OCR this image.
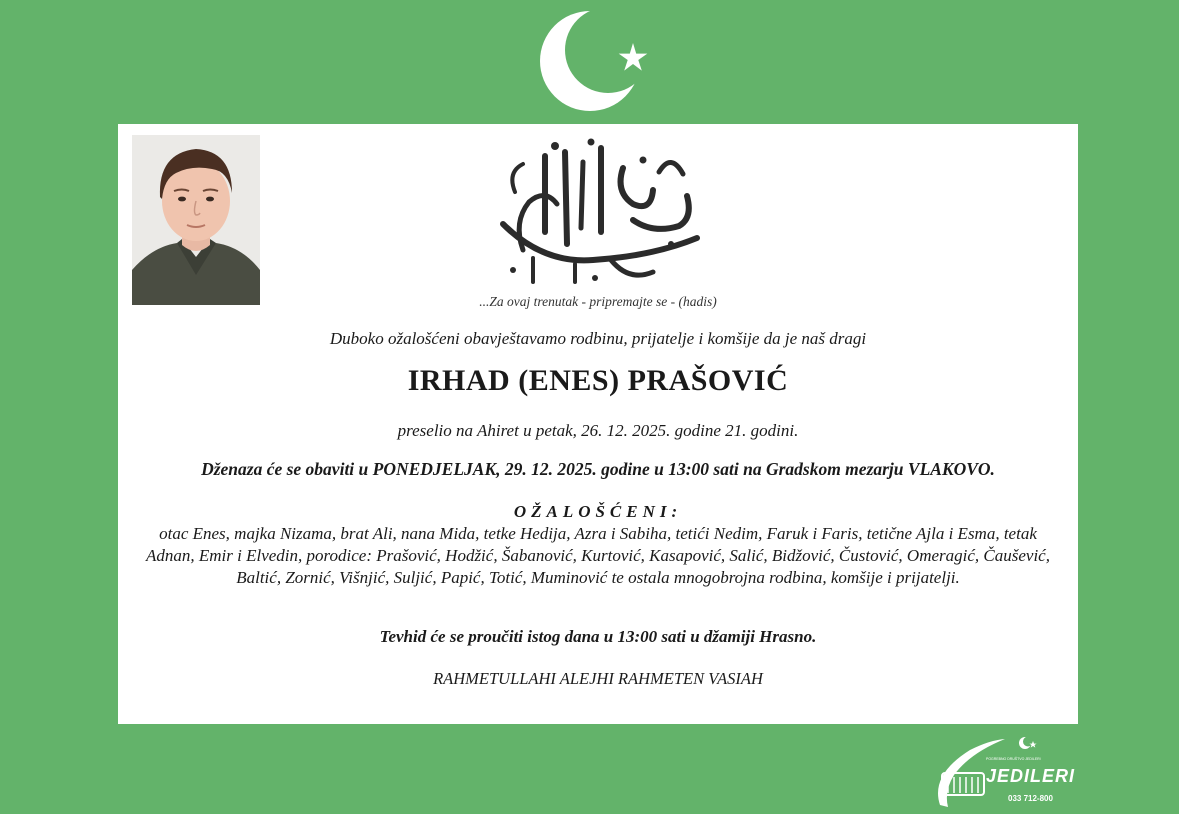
...Za ovaj trenutak - pripremajte se - (hadis)
Duboko ožalošćeni obavještavamo rodbinu, prijatelje i komšije da je naš dragi
IRHAD (ENES) PRAŠOVIĆ
preselio na Ahiret u petak, 26. 12. 2025. godine 21. godini.
Dženaza će se obaviti u PONEDJELJAK, 29. 12. 2025. godine u 13:00 sati na Gradskom mezarju VLAKOVO.
OŽALOŠĆENI:
otac Enes, majka Nizama, brat Ali, nana Mida, tetke Hedija, Azra i Sabiha, tetići Nedim, Faruk i Faris, tetične Ajla i Esma, tetak Adnan, Emir i Elvedin, porodice: Prašović, Hodžić, Šabanović, Kurtović, Kasapović, Salić, Bidžović, Čustović, Omeragić, Čaušević, Baltić, Zornić, Višnjić, Suljić, Papić, Totić, Muminović te ostala mnogobrojna rodbina, komšije i prijatelji.
Tevhid će se proučiti istog dana u 13:00 sati u džamiji Hrasno.
RAHMETULLAHI ALEJHI RAHMETEN VASIAH
POGREBNO DRUŠTVO JEDILERI
JEDILERI
033 712-800
